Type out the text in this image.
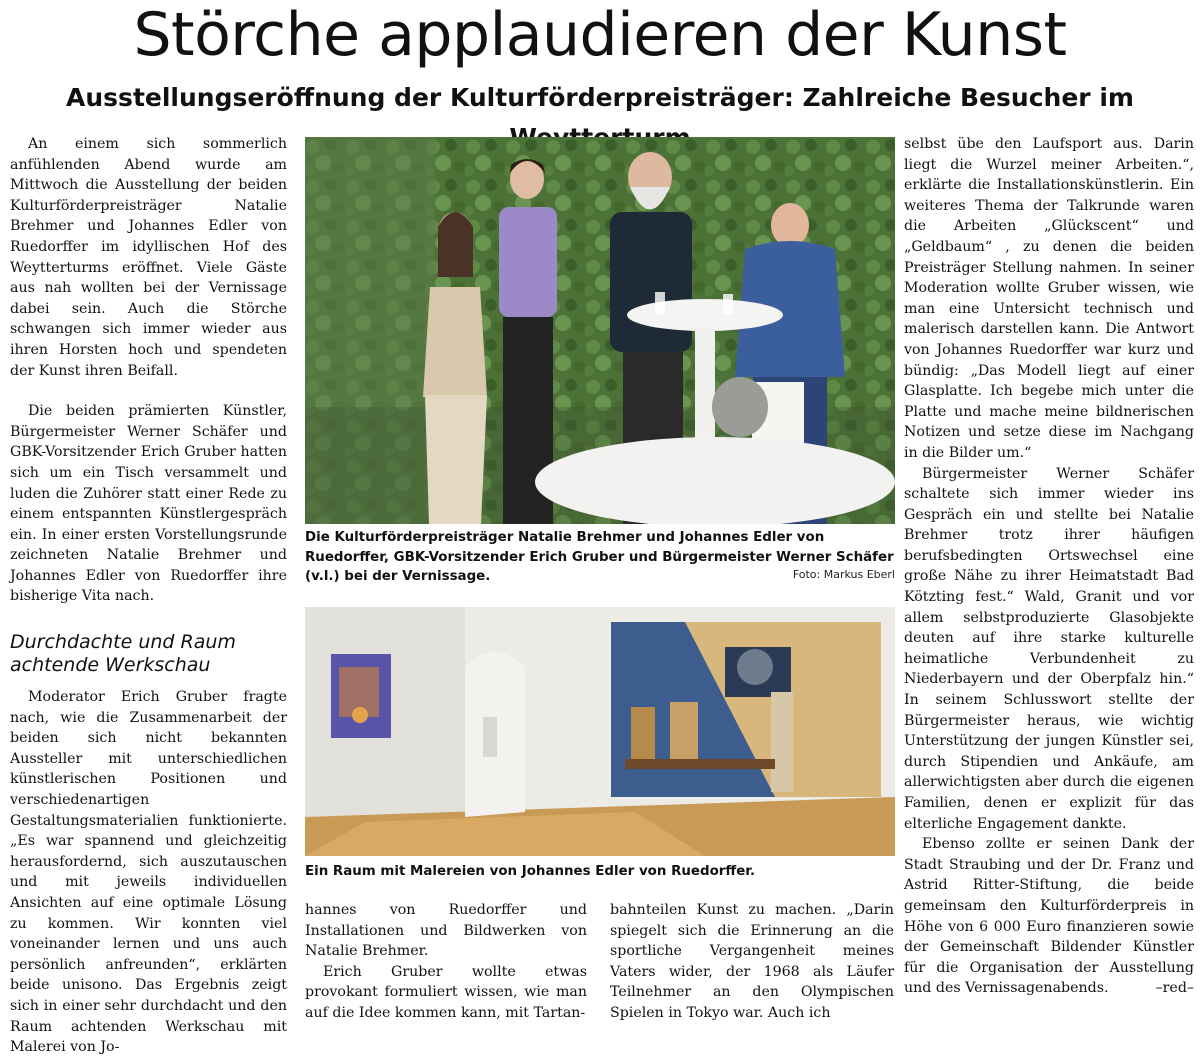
Störche applaudieren der Kunst
Ausstellungseröffnung der Kulturförderpreisträger: Zahlreiche Besucher im

An einem sich sommerlich anfühlenden Abend wurde am Mittwoch die Ausstellung der beiden Kulturförderpreisträger Natalie Brehmer und Johannes Edler von Ruedorffer im idyllischen Hof des Weytterturms eröffnet. Viele Gäste aus nah wollten bei der Vernissage dabei sein. Auch die Störche schwangen sich immer wieder aus ihren Horsten hoch und spendeten der Kunst ihren Beifall.

Die beiden prämierten Künstler, Bürgermeister Werner Schäfer und GBK-Vorsitzender Erich Gruber hatten sich um ein Tisch versammelt und luden die Zuhörer statt einer Rede zu einem entspannten Künstlergespräch ein. In einer ersten Vorstellungsrunde zeichneten Natalie Brehmer und Johannes Edler von Ruedorffer ihre bisherige Vita nach.

Durchdachte und Raum achtende Werkschau

Moderator Erich Gruber fragte nach, wie die Zusammenarbeit der beiden sich nicht bekannten Aussteller mit unterschiedlichen künstlerischen Positionen und verschiedenartigen Gestaltungsmaterialien funktionierte. „Es war spannend und gleichzeitig herausfordernd, sich auszutauschen und mit jeweils individuellen Ansichten auf eine optimale Lösung zu kommen. Wir konnten viel voneinander lernen und uns auch persönlich anfreunden“, erklärten beide unisono. Das Ergebnis zeigt sich in einer sehr durchdacht und den Raum achtenden Werkschau mit Malerei von Jo-

Die Kulturförderpreisträger Natalie Brehmer und Johannes Edler von Ruedorffer, GBK-Vorsitzender Erich Gruber und Bürgermeister Werner Schäfer (v.l.) bei der Vernissage.	Foto: Markus Eberl
Ein Raum mit Malereien von Johannes Edler von Ruedorffer.

hannes von Ruedorffer und Installationen und Bildwerken von Natalie Brehmer.

Erich Gruber wollte etwas provokant formuliert wissen, wie man auf die Idee kommen kann, mit Tartan-

bahnteilen Kunst zu machen. „Darin spiegelt sich die Erinnerung an die sportliche Vergangenheit meines Vaters wider, der 1968 als Läufer Teilnehmer an den Olympischen Spielen in Tokyo war. Auch ich

selbst übe den Laufsport aus. Darin liegt die Wurzel meiner Arbeiten.“, erklärte die Installationskünstlerin. Ein weiteres Thema der Talkrunde waren die Arbeiten „Glückscent“ und „Geldbaum“ , zu denen die beiden Preisträger Stellung nahmen. In seiner Moderation wollte Gruber wissen, wie man eine Untersicht technisch und malerisch darstellen kann. Die Antwort von Johannes Ruedorffer war kurz und bündig: „Das Modell liegt auf einer Glasplatte. Ich begebe mich unter die Platte und mache meine bildnerischen Notizen und setze diese im Nachgang in die Bilder um.“

Bürgermeister Werner Schäfer schaltete sich immer wieder ins Gespräch ein und stellte bei Natalie Brehmer trotz ihrer häufigen berufsbedingten Ortswechsel eine große Nähe zu ihrer Heimatstadt Bad Kötzting fest.“ Wald, Granit und vor allem selbstproduzierte Glasobjekte deuten auf ihre starke kulturelle heimatliche Verbundenheit zu Niederbayern und der Oberpfalz hin.“ In seinem Schlusswort stellte der Bürgermeister heraus, wie wichtig Unterstützung der jungen Künstler sei, durch Stipendien und Ankäufe, am allerwichtigsten aber durch die eigenen Familien, denen er explizit für das elterliche Engagement dankte.

Ebenso zollte er seinen Dank der Stadt Straubing und der Dr. Franz und Astrid Ritter-Stiftung, die beide gemeinsam den Kulturförderpreis in Höhe von 6 000 Euro finanzieren sowie der Gemeinschaft Bildender Künstler für die Organisation der Ausstellung und des Vernissagenabends.	–red–
